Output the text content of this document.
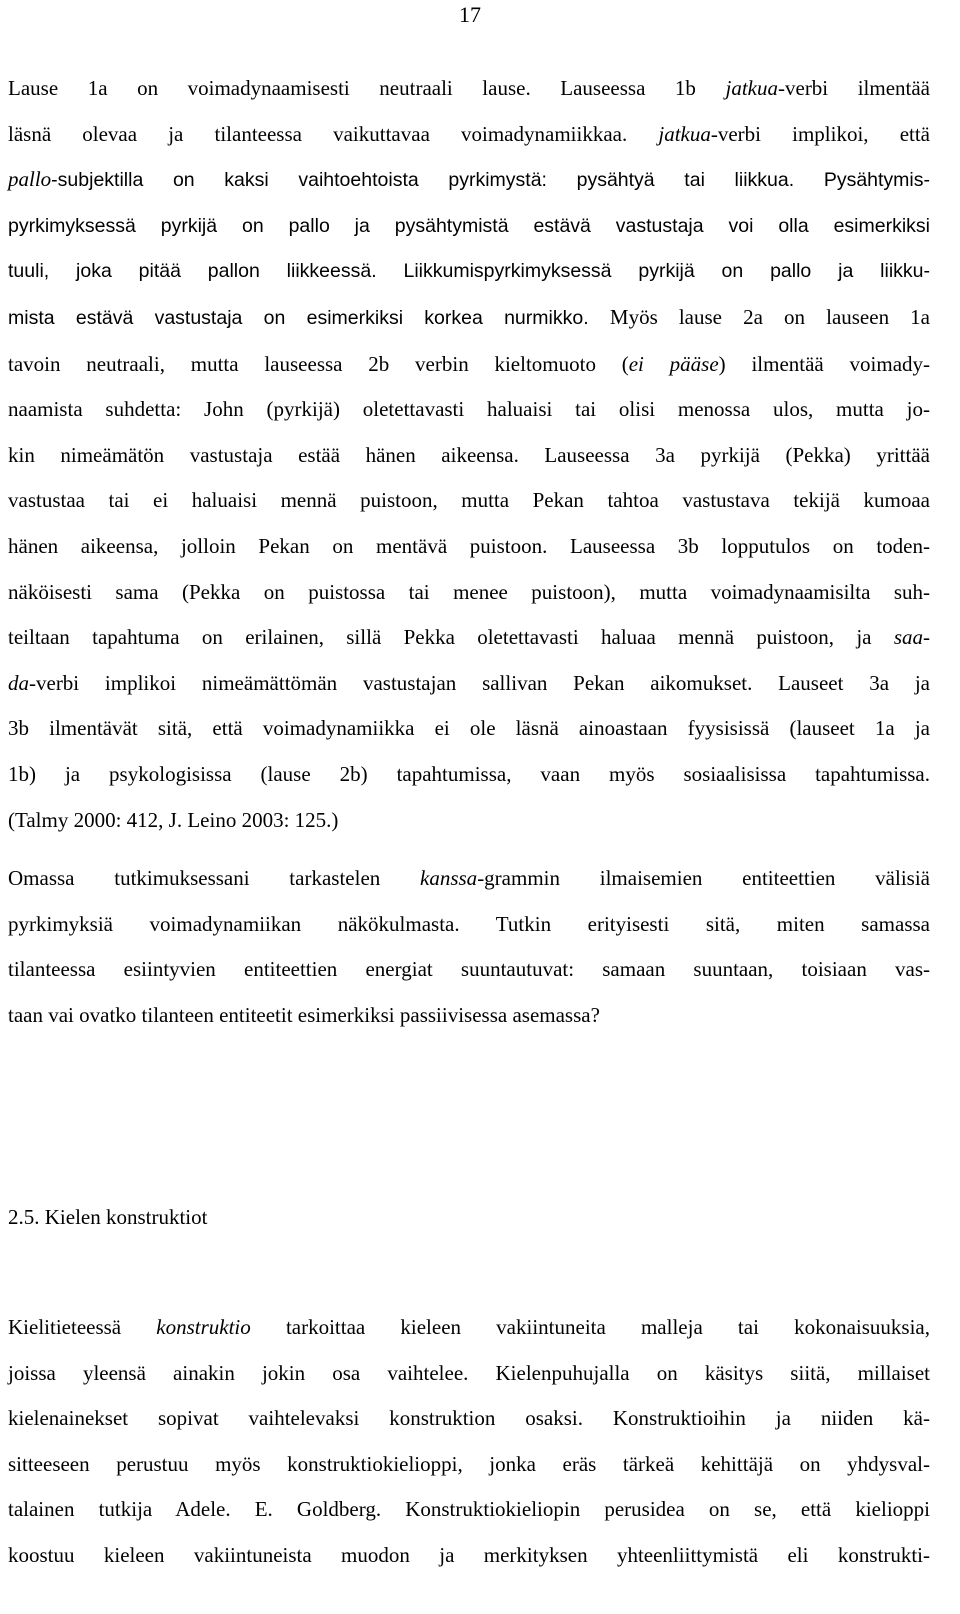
17
Lause 1a on voimadynaamisesti neutraali lause. Lauseessa 1b jatkua-verbi ilmentää
läsnä olevaa ja tilanteessa vaikuttavaa voimadynamiikkaa. jatkua-verbi implikoi, että
pallo-subjektilla on kaksi vaihtoehtoista pyrkimystä: pysähtyä tai liikkua. Pysähtymis-
pyrkimyksessä pyrkijä on pallo ja pysähtymistä estävä vastustaja voi olla esimerkiksi
tuuli, joka pitää pallon liikkeessä. Liikkumispyrkimyksessä pyrkijä on pallo ja liikku-
mista estävä vastustaja on esimerkiksi korkea nurmikko. Myös lause 2a on lauseen 1a
tavoin neutraali, mutta lauseessa 2b verbin kieltomuoto (ei pääse) ilmentää voimady-
naamista suhdetta: John (pyrkijä) oletettavasti haluaisi tai olisi menossa ulos, mutta jo-
kin nimeämätön vastustaja estää hänen aikeensa. Lauseessa 3a pyrkijä (Pekka) yrittää
vastustaa tai ei haluaisi mennä puistoon, mutta Pekan tahtoa vastustava tekijä kumoaa
hänen aikeensa, jolloin Pekan on mentävä puistoon. Lauseessa 3b lopputulos on toden-
näköisesti sama (Pekka on puistossa tai menee puistoon), mutta voimadynaamisilta suh-
teiltaan tapahtuma on erilainen, sillä Pekka oletettavasti haluaa mennä puistoon, ja saa-
da-verbi implikoi nimeämättömän vastustajan sallivan Pekan aikomukset. Lauseet 3a ja
3b ilmentävät sitä, että voimadynamiikka ei ole läsnä ainoastaan fyysisissä (lauseet 1a ja
1b) ja psykologisissa (lause 2b) tapahtumissa, vaan myös sosiaalisissa tapahtumissa.
(Talmy 2000: 412, J. Leino 2003: 125.)
Omassa tutkimuksessani tarkastelen kanssa-grammin ilmaisemien entiteettien välisiä
pyrkimyksiä voimadynamiikan näkökulmasta. Tutkin erityisesti sitä, miten samassa
tilanteessa esiintyvien entiteettien energiat suuntautuvat: samaan suuntaan, toisiaan vas-
taan vai ovatko tilanteen entiteetit esimerkiksi passiivisessa asemassa?
2.5. Kielen konstruktiot
Kielitieteessä konstruktio tarkoittaa kieleen vakiintuneita malleja tai kokonaisuuksia,
joissa yleensä ainakin jokin osa vaihtelee. Kielenpuhujalla on käsitys siitä, millaiset
kielenainekset sopivat vaihtelevaksi konstruktion osaksi. Konstruktioihin ja niiden kä-
sitteeseen perustuu myös konstruktiokielioppi, jonka eräs tärkeä kehittäjä on yhdysval-
talainen tutkija Adele. E. Goldberg. Konstruktiokieliopin perusidea on se, että kielioppi
koostuu kieleen vakiintuneista muodon ja merkityksen yhteenliittymistä eli konstrukti-
